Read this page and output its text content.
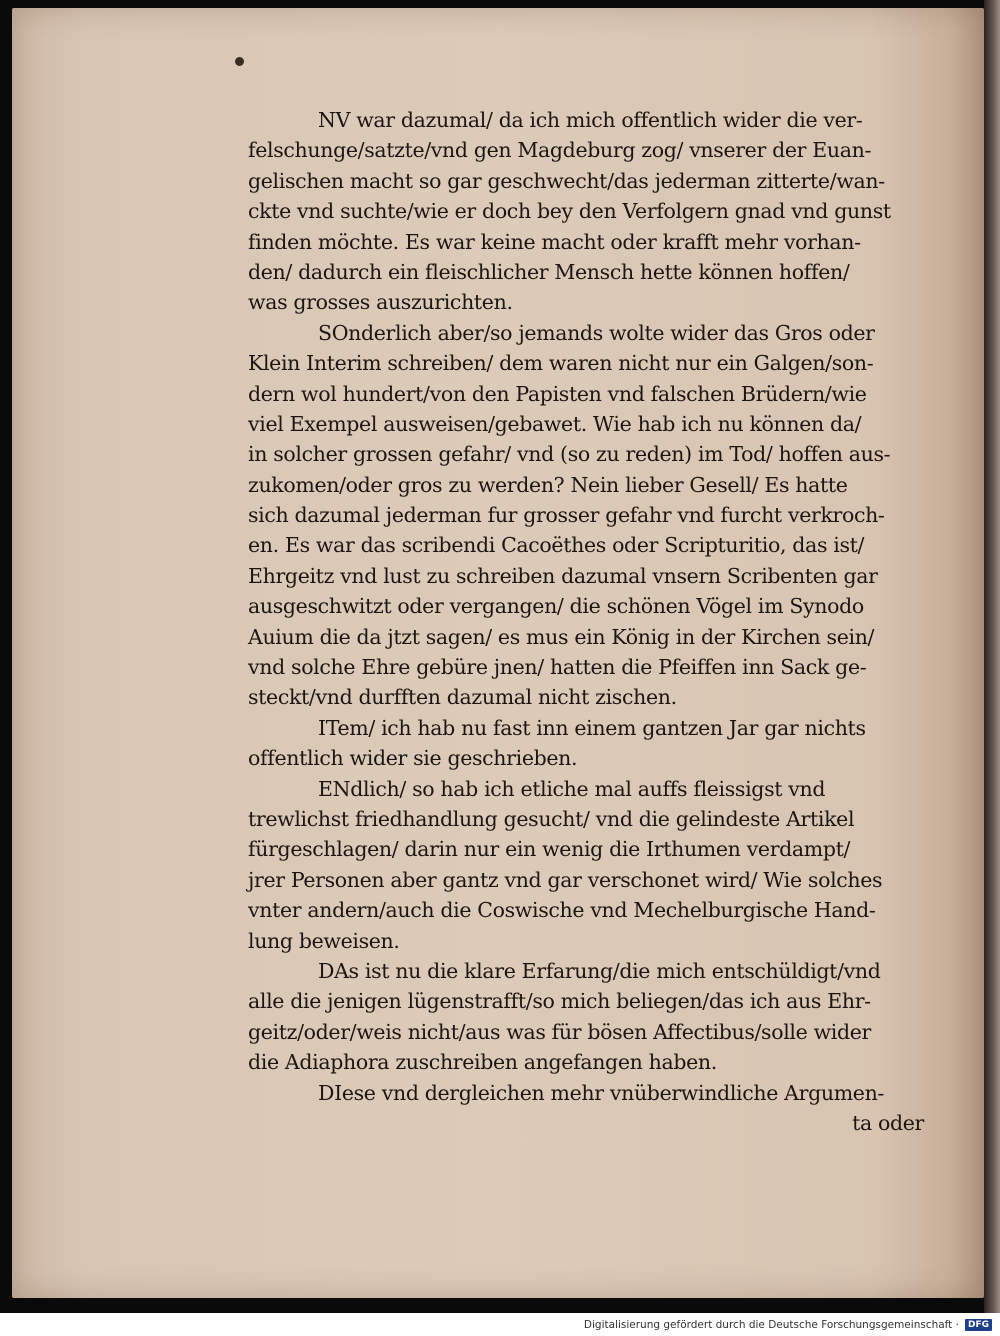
NV war dazumal/ da ich mich offentlich wider die ver-
felschunge/satzte/vnd gen Magdeburg zog/ vnserer der Euan-
gelischen macht so gar geschwecht/das jederman zitterte/wan-
ckte vnd suchte/wie er doch bey den Verfolgern gnad vnd gunst
finden möchte. Es war keine macht oder krafft mehr vorhan-
den/ dadurch ein fleischlicher Mensch hette können hoffen/
was grosses auszurichten.
SOnderlich aber/so jemands wolte wider das Gros oder
Klein Interim schreiben/ dem waren nicht nur ein Galgen/son-
dern wol hundert/von den Papisten vnd falschen Brüdern/wie
viel Exempel ausweisen/gebawet. Wie hab ich nu können da/
in solcher grossen gefahr/ vnd (so zu reden) im Tod/ hoffen aus-
zukomen/oder gros zu werden? Nein lieber Gesell/ Es hatte
sich dazumal jederman fur grosser gefahr vnd furcht verkroch-
en. Es war das scribendi Cacoëthes oder Scripturitio, das ist/
Ehrgeitz vnd lust zu schreiben dazumal vnsern Scribenten gar
ausgeschwitzt oder vergangen/ die schönen Vögel im Synodo
Auium die da jtzt sagen/ es mus ein König in der Kirchen sein/
vnd solche Ehre gebüre jnen/ hatten die Pfeiffen inn Sack ge-
steckt/vnd durfften dazumal nicht zischen.
ITem/ ich hab nu fast inn einem gantzen Jar gar nichts
offentlich wider sie geschrieben.
ENdlich/ so hab ich etliche mal auffs fleissigst vnd
trewlichst friedhandlung gesucht/ vnd die gelindeste Artikel
fürgeschlagen/ darin nur ein wenig die Irthumen verdampt/
jrer Personen aber gantz vnd gar verschonet wird/ Wie solches
vnter andern/auch die Coswische vnd Mechelburgische Hand-
lung beweisen.
DAs ist nu die klare Erfarung/die mich entschüldigt/vnd
alle die jenigen lügenstrafft/so mich beliegen/das ich aus Ehr-
geitz/oder/weis nicht/aus was für bösen Affectibus/solle wider
die Adiaphora zuschreiben angefangen haben.
DIese vnd dergleichen mehr vnüberwindliche Argumen-
ta oder
Digitalisierung gefördert durch die Deutsche Forschungsgemeinschaft ·	DFG
